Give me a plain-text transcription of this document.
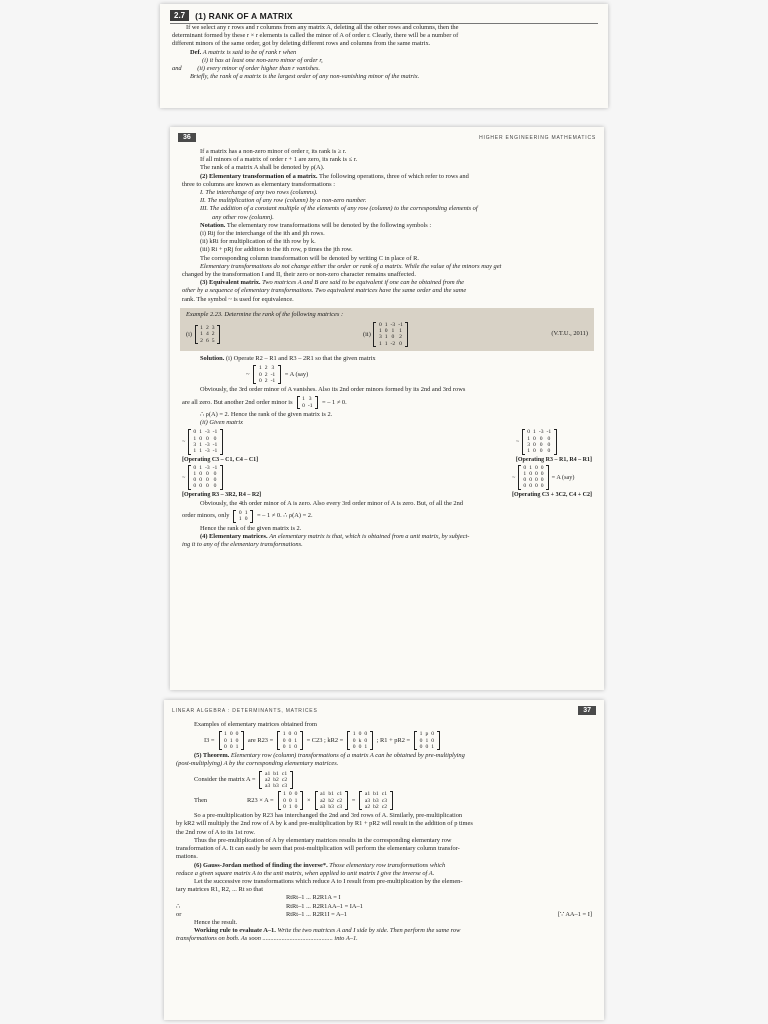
2.7	(1) RANK OF A MATRIX
If we select any r rows and r columns from any matrix A, deleting all the other rows and columns, then the
determinant formed by these r × r elements is called the minor of A of order r. Clearly, there will be a number of
different minors of the same order, got by deleting different rows and columns from the same matrix.
Def. A matrix is said to be of rank r when
(i) it has at least one non-zero minor of order r,
and (ii) every minor of order higher than r vanishes.
Briefly, the rank of a matrix is the largest order of any non-vanishing minor of the matrix.
36	HIGHER ENGINEERING MATHEMATICS
If a matrix has a non-zero minor of order r, its rank is ≥ r.
If all minors of a matrix of order r + 1 are zero, its rank is ≤ r.
The rank of a matrix A shall be denoted by ρ(A).
(2) Elementary transformation of a matrix. The following operations, three of which refer to rows and
three to columns are known as elementary transformations :
I. The interchange of any two rows (columns).
II. The multiplication of any row (column) by a non-zero number.
III. The addition of a constant multiple of the elements of any row (column) to the corresponding elements of
any other row (column).
Notation. The elementary row transformations will be denoted by the following symbols :
(i) Rij for the interchange of the ith and jth rows.
(ii) kRi for multiplication of the ith row by k.
(iii) Ri + pRj for addition to the ith row, p times the jth row.
The corresponding column transformation will be denoted by writing C in place of R.
Elementary transformations do not change either the order or rank of a matrix. While the value of the minors may get
changed by the transformation I and II, their zero or non-zero character remains unaffected.
(3) Equivalent matrix. Two matrices A and B are said to be equivalent if one can be obtained from the
other by a sequence of elementary transformations. Two equivalent matrices have the same order and the same
rank. The symbol ~ is used for equivalence.
Example 2.23. Determine the rank of the following matrices :
(i)
1	2	3
1	4	2
2	6	5
(ii)
0	1	-3	-1
1	0	1	1
3	1	0	2
1	1	-2	0
(V.T.U., 2011)
Solution. (i) Operate R2 – R1 and R3 – 2R1 so that the given matrix
~
1	2	3
0	2	-1
0	2	-1
= A (say)
Obviously, the 3rd order minor of A vanishes. Also its 2nd order minors formed by its 2nd and 3rd rows
are all zero. But another 2nd order minor is 1	3
0	-1 = – 1 ≠ 0.
∴ ρ(A) = 2. Hence the rank of the given matrix is 2.
(ii) Given matrix
~
0	1	-3	-1
1	0	0	0
3	1	-3	-1
1	1	-3	-1
[Operating C3 – C1, C4 – C1]
~
0	1	-3	-1
1	0	0	0
3	0	0	0
1	0	0	0
[Operating R3 – R1, R4 – R1]
~
0	1	-3	-1
1	0	0	0
0	0	0	0
0	0	0	0
[Operating R3 – 3R2, R4 – R2]
~
0	1	0	0
1	0	0	0
0	0	0	0
0	0	0	0
= A (say)
[Operating C3 + 3C2, C4 + C2]
Obviously, the 4th order minor of A is zero. Also every 3rd order minor of A is zero. But, of all the 2nd
order minors, only 0	1
1	0 = – 1 ≠ 0. ∴ ρ(A) = 2.
Hence the rank of the given matrix is 2.
(4) Elementary matrices. An elementary matrix is that, which is obtained from a unit matrix, by subject-
ing it to any of the elementary transformations.
LINEAR ALGEBRA : DETERMINANTS, MATRICES	37
Examples of elementary matrices obtained from
I3 =
1	0	0
0	1	0
0	0	1
are R23 =
1	0	0
0	0	1
0	1	0
= C23 ; kR2 =
1	0	0
0	k	0
0	0	1
; R1 + pR2 =
1	p	0
0	1	0
0	0	1
(5) Theorem. Elementary row (column) transformations of a matrix A can be obtained by pre-multiplying
(post-multiplying) A by the corresponding elementary matrices.
Consider the matrix A =
a1	b1	c1
a2	b2	c2
a3	b3	c3
Then	R23 × A =
1	0	0
0	0	1
0	1	0
×
a1	b1	c1
a2	b2	c2
a3	b3	c3
=
a1	b1	c1
a3	b3	c3
a2	b2	c2
So a pre-multiplication by R23 has interchanged the 2nd and 3rd rows of A. Similarly, pre-multiplication
by kR2 will multiply the 2nd row of A by k and pre-multiplication by R1 + pR2 will result in the addition of p times
the 2nd row of A to its 1st row.
Thus the pre-multiplication of A by elementary matrices results in the corresponding elementary row
transformation of A. It can easily be seen that post-multiplication will perform the elementary column transfor-
mations.
(6) Gauss-Jordan method of finding the inverse*. Those elementary row transformations which
reduce a given square matrix A to the unit matrix, when applied to unit matrix I give the inverse of A.
Let the successive row transformations which reduce A to I result from pre-multiplication by the elemen-
tary matrices R1, R2, ... Rt so that
RtRt–1 ... R2R1A = I
∴	RtRt–1 ... R2R1AA–1 = IA–1
or	RtRt–1 ... R2R1I = A–1	[∵ AA–1 = I]
Hence the result.
Working rule to evaluate A–1. Write the two matrices A and I side by side. Then perform the same row
transformations on both. As soon ............................................ into A–1.
